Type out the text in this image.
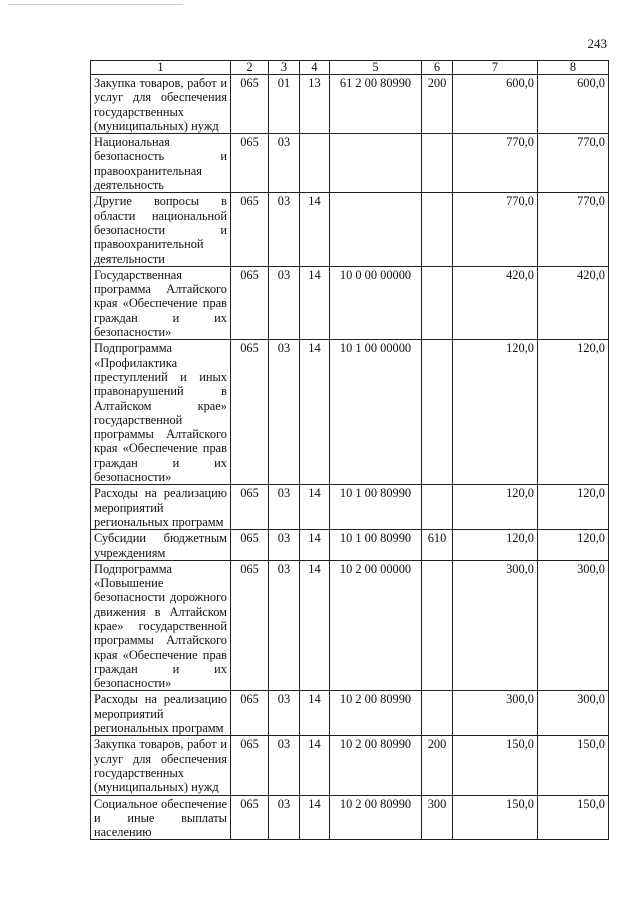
243
1	2	3	4	5	6	7	8
Закупка товаров, работ и услуг для обеспечения государственных (муниципальных) нужд	065	01	13	61 2 00 80990	200	600,0	600,0
Национальная безопасность и правоохранительная деятельность	065	03				770,0	770,0
Другие вопросы в области национальной безопасности и правоохранительной деятельности	065	03	14			770,0	770,0
Государственная программа Алтайского края «Обеспечение прав граждан и их безопасности»	065	03	14	10 0 00 00000		420,0	420,0
Подпрограмма «Профилактика преступлений и иных правонарушений в Алтайском крае» государственной программы Алтайского края «Обеспечение прав граждан и их безопасности»	065	03	14	10 1 00 00000		120,0	120,0
Расходы на реализацию мероприятий региональных программ	065	03	14	10 1 00 80990		120,0	120,0
Субсидии бюджетным учреждениям	065	03	14	10 1 00 80990	610	120,0	120,0
Подпрограмма «Повышение безопасности дорожного движения в Алтайском крае» государственной программы Алтайского края «Обеспечение прав граждан и их безопасности»	065	03	14	10 2 00 00000		300,0	300,0
Расходы на реализацию мероприятий региональных программ	065	03	14	10 2 00 80990		300,0	300,0
Закупка товаров, работ и услуг для обеспечения государственных (муниципальных) нужд	065	03	14	10 2 00 80990	200	150,0	150,0
Социальное обеспечение и иные выплаты населению	065	03	14	10 2 00 80990	300	150,0	150,0
